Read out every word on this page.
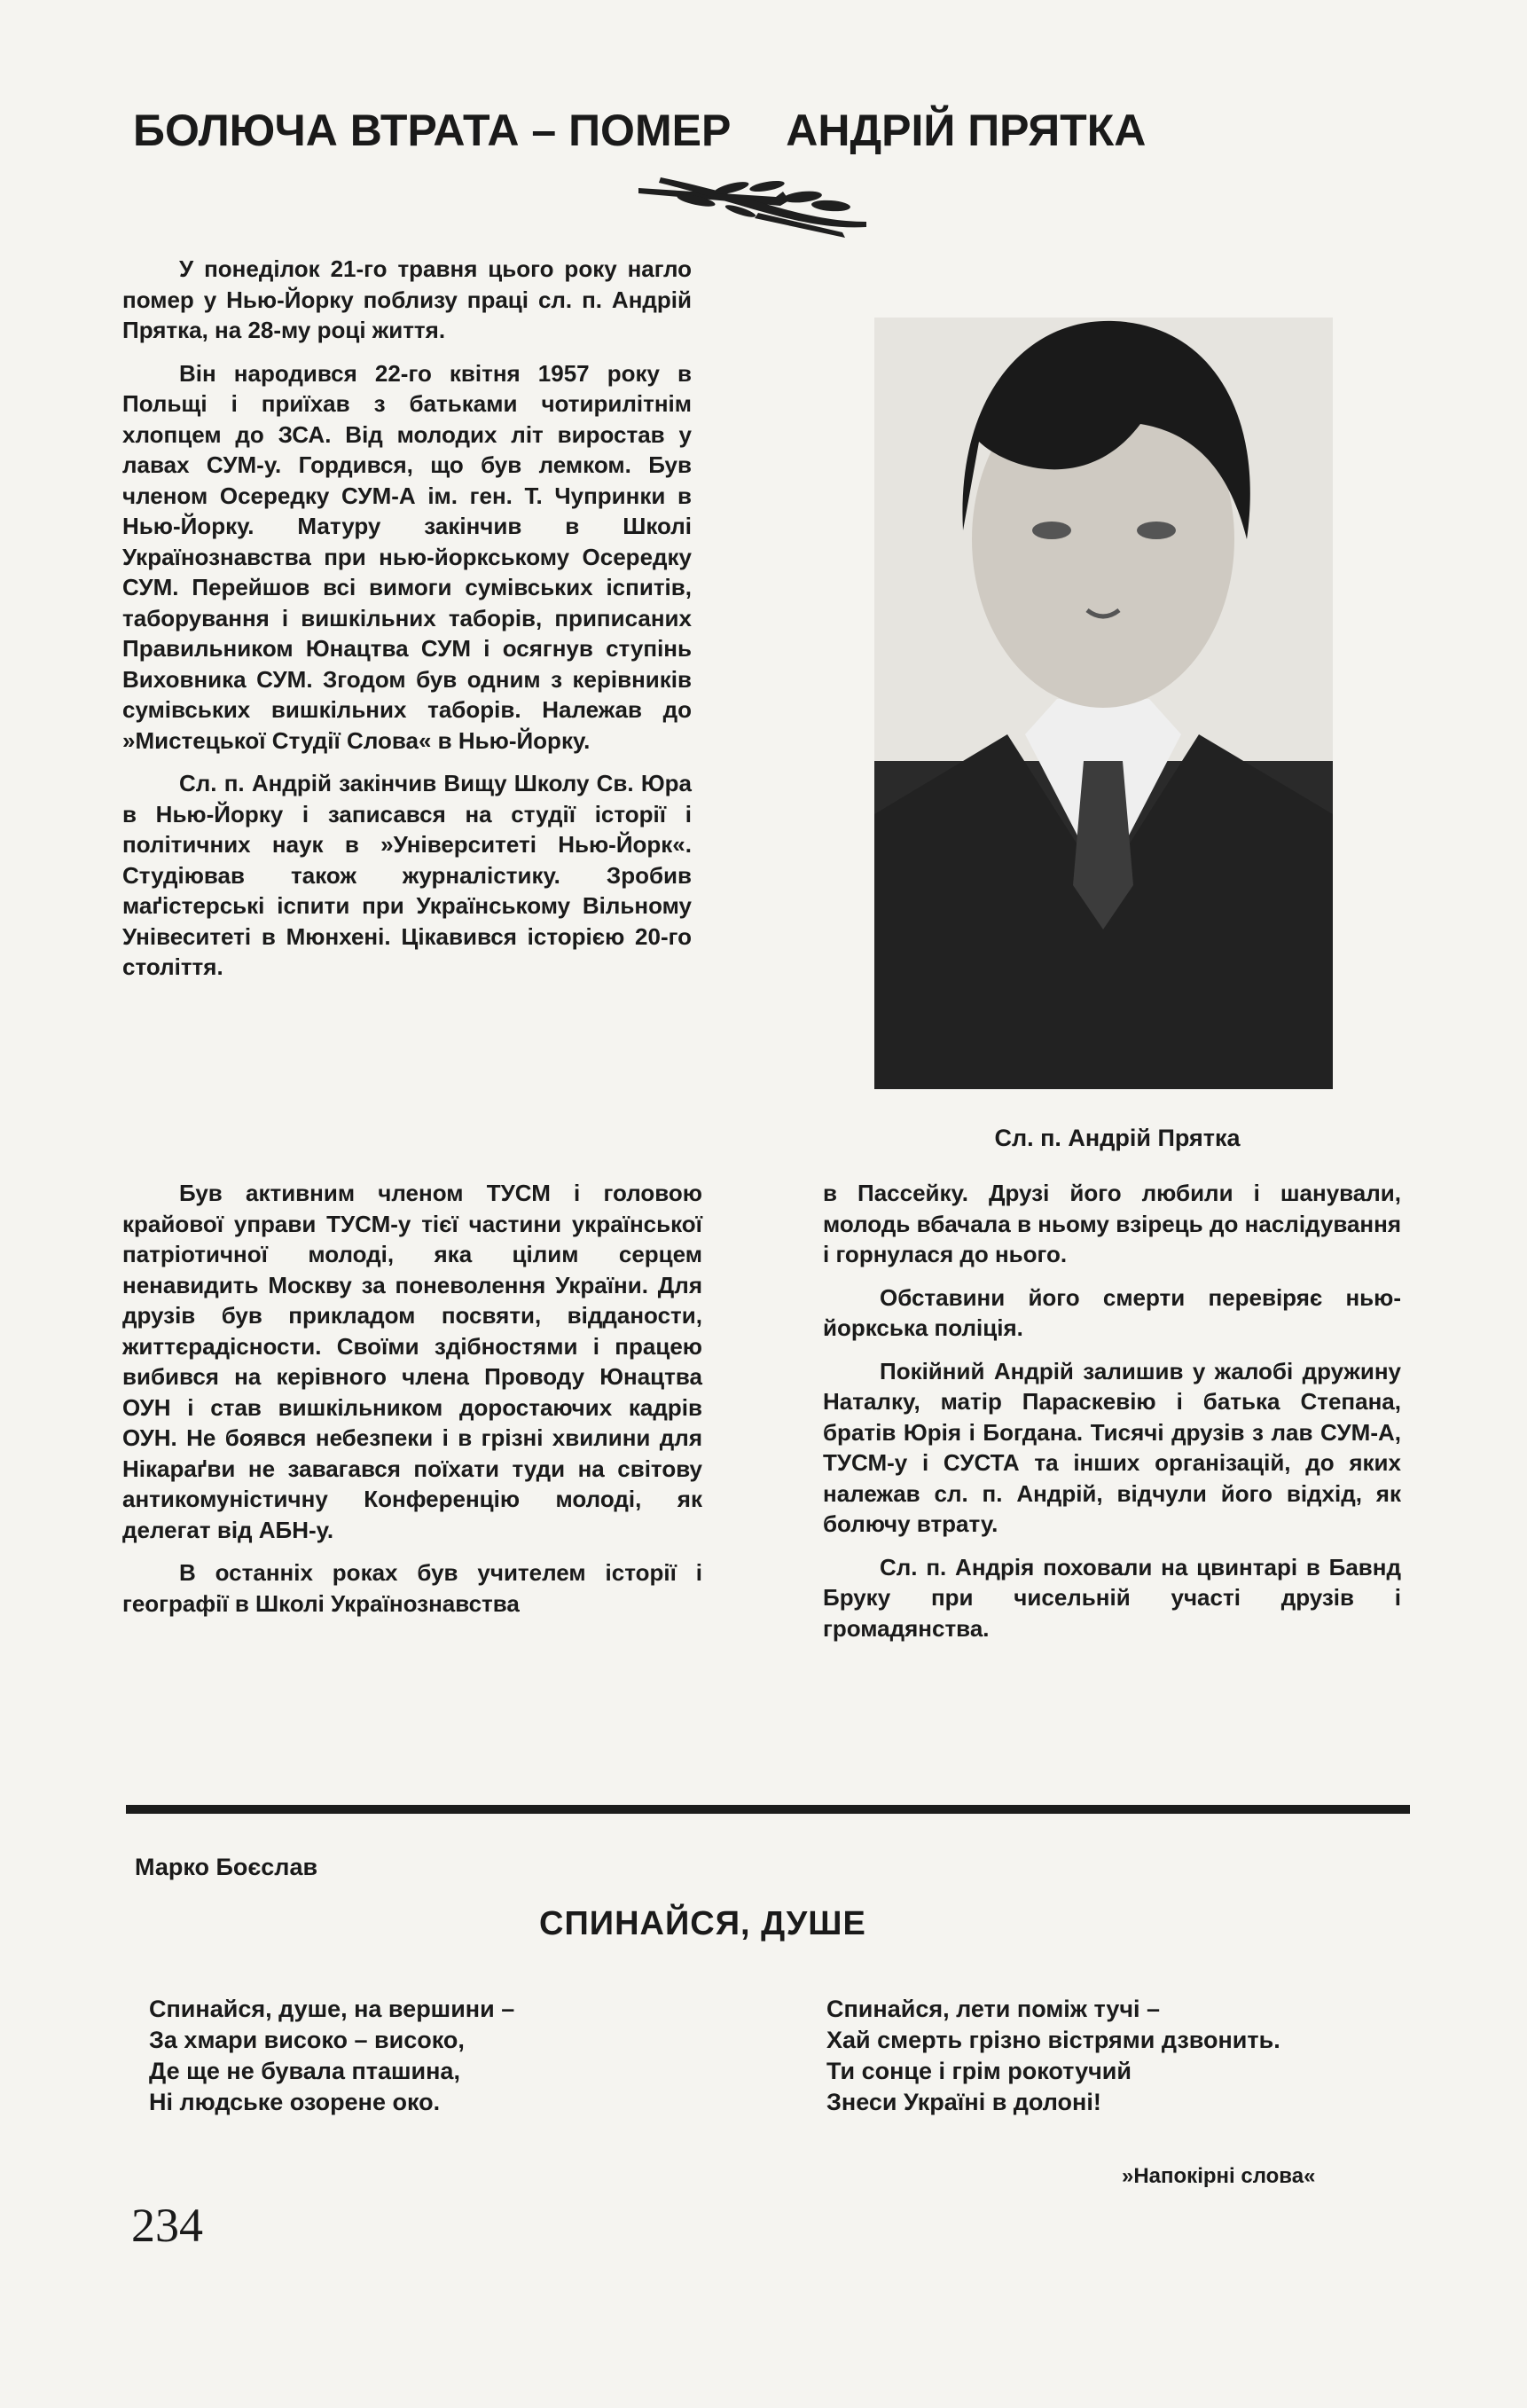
БОЛЮЧА ВТРАТА – ПОМЕР АНДРІЙ ПРЯТКА

У понеділок 21-го травня цього року нагло помер у Нью-Йорку поблизу праці сл. п. Андрій Прятка, на 28-му році життя.

Він народився 22-го квітня 1957 року в Польщі і приїхав з батьками чотирилітнім хлопцем до ЗСА. Від молодих літ виростав у лавах СУМ-у. Гордився, що був лемком. Був членом Осередку СУМ-А ім. ген. Т. Чупринки в Нью-Йорку. Матуру закінчив в Школі Українознавства при нью-йоркському Осередку СУМ. Перейшов всі вимоги сумівських іспитів, таборування і вишкільних таборів, приписаних Правильником Юнацтва СУМ і осягнув ступінь Виховника СУМ. Згодом був одним з керівників сумівських вишкільних таборів. Належав до »Мистецької Студії Слова« в Нью-Йорку.

Сл. п. Андрій закінчив Вищу Школу Св. Юра в Нью-Йорку і записався на студії історії і політичних наук в »Університеті Нью-Йорк«. Студіював також журналістику. Зробив маґістерські іспити при Українському Вільному Унівеситеті в Мюнхені. Цікавився історією 20-го століття.

Сл. п. Андрій Прятка

Був активним членом ТУСМ і головою крайової управи ТУСМ-у тієї частини української патріотичної молоді, яка цілим серцем ненавидить Москву за поневолення України. Для друзів був прикладом посвяти, відданости, життєрадісности. Своїми здібностями і працею вибився на керівного члена Проводу Юнацтва ОУН і став вишкільником доростаючих кадрів ОУН. Не боявся небезпеки і в грізні хвилини для Нікараґви не завагався поїхати туди на світову антикомуністичну Конференцію молоді, як делегат від АБН-у.

В останніх роках був учителем історії і географії в Школі Українознавства

в Пассейку. Друзі його любили і шанували, молодь вбачала в ньому взірець до наслідування і горнулася до нього.

Обставини його смерти перевіряє нью-йоркська поліція.

Покійний Андрій залишив у жалобі дружину Наталку, матір Параскевію і батька Степана, братів Юрія і Богдана. Тисячі друзів з лав СУМ-А, ТУСМ-у і СУСТА та інших організацій, до яких належав сл. п. Андрій, відчули його відхід, як болючу втрату.

Сл. п. Андрія поховали на цвинтарі в Бавнд Бруку при чисельній участі друзів і громадянства.

Марко Боєслав
СПИНАЙСЯ, ДУШЕ
Спинайся, душе, на вершини –
За хмари високо – високо,
Де ще не бувала пташина,
Ні людське озорене око.
Спинайся, лети поміж тучі –
Хай смерть грізно вістрями дзвонить.
Ти сонце і грім рокотучий
Знеси Україні в долоні!
»Напокірні слова«
234
